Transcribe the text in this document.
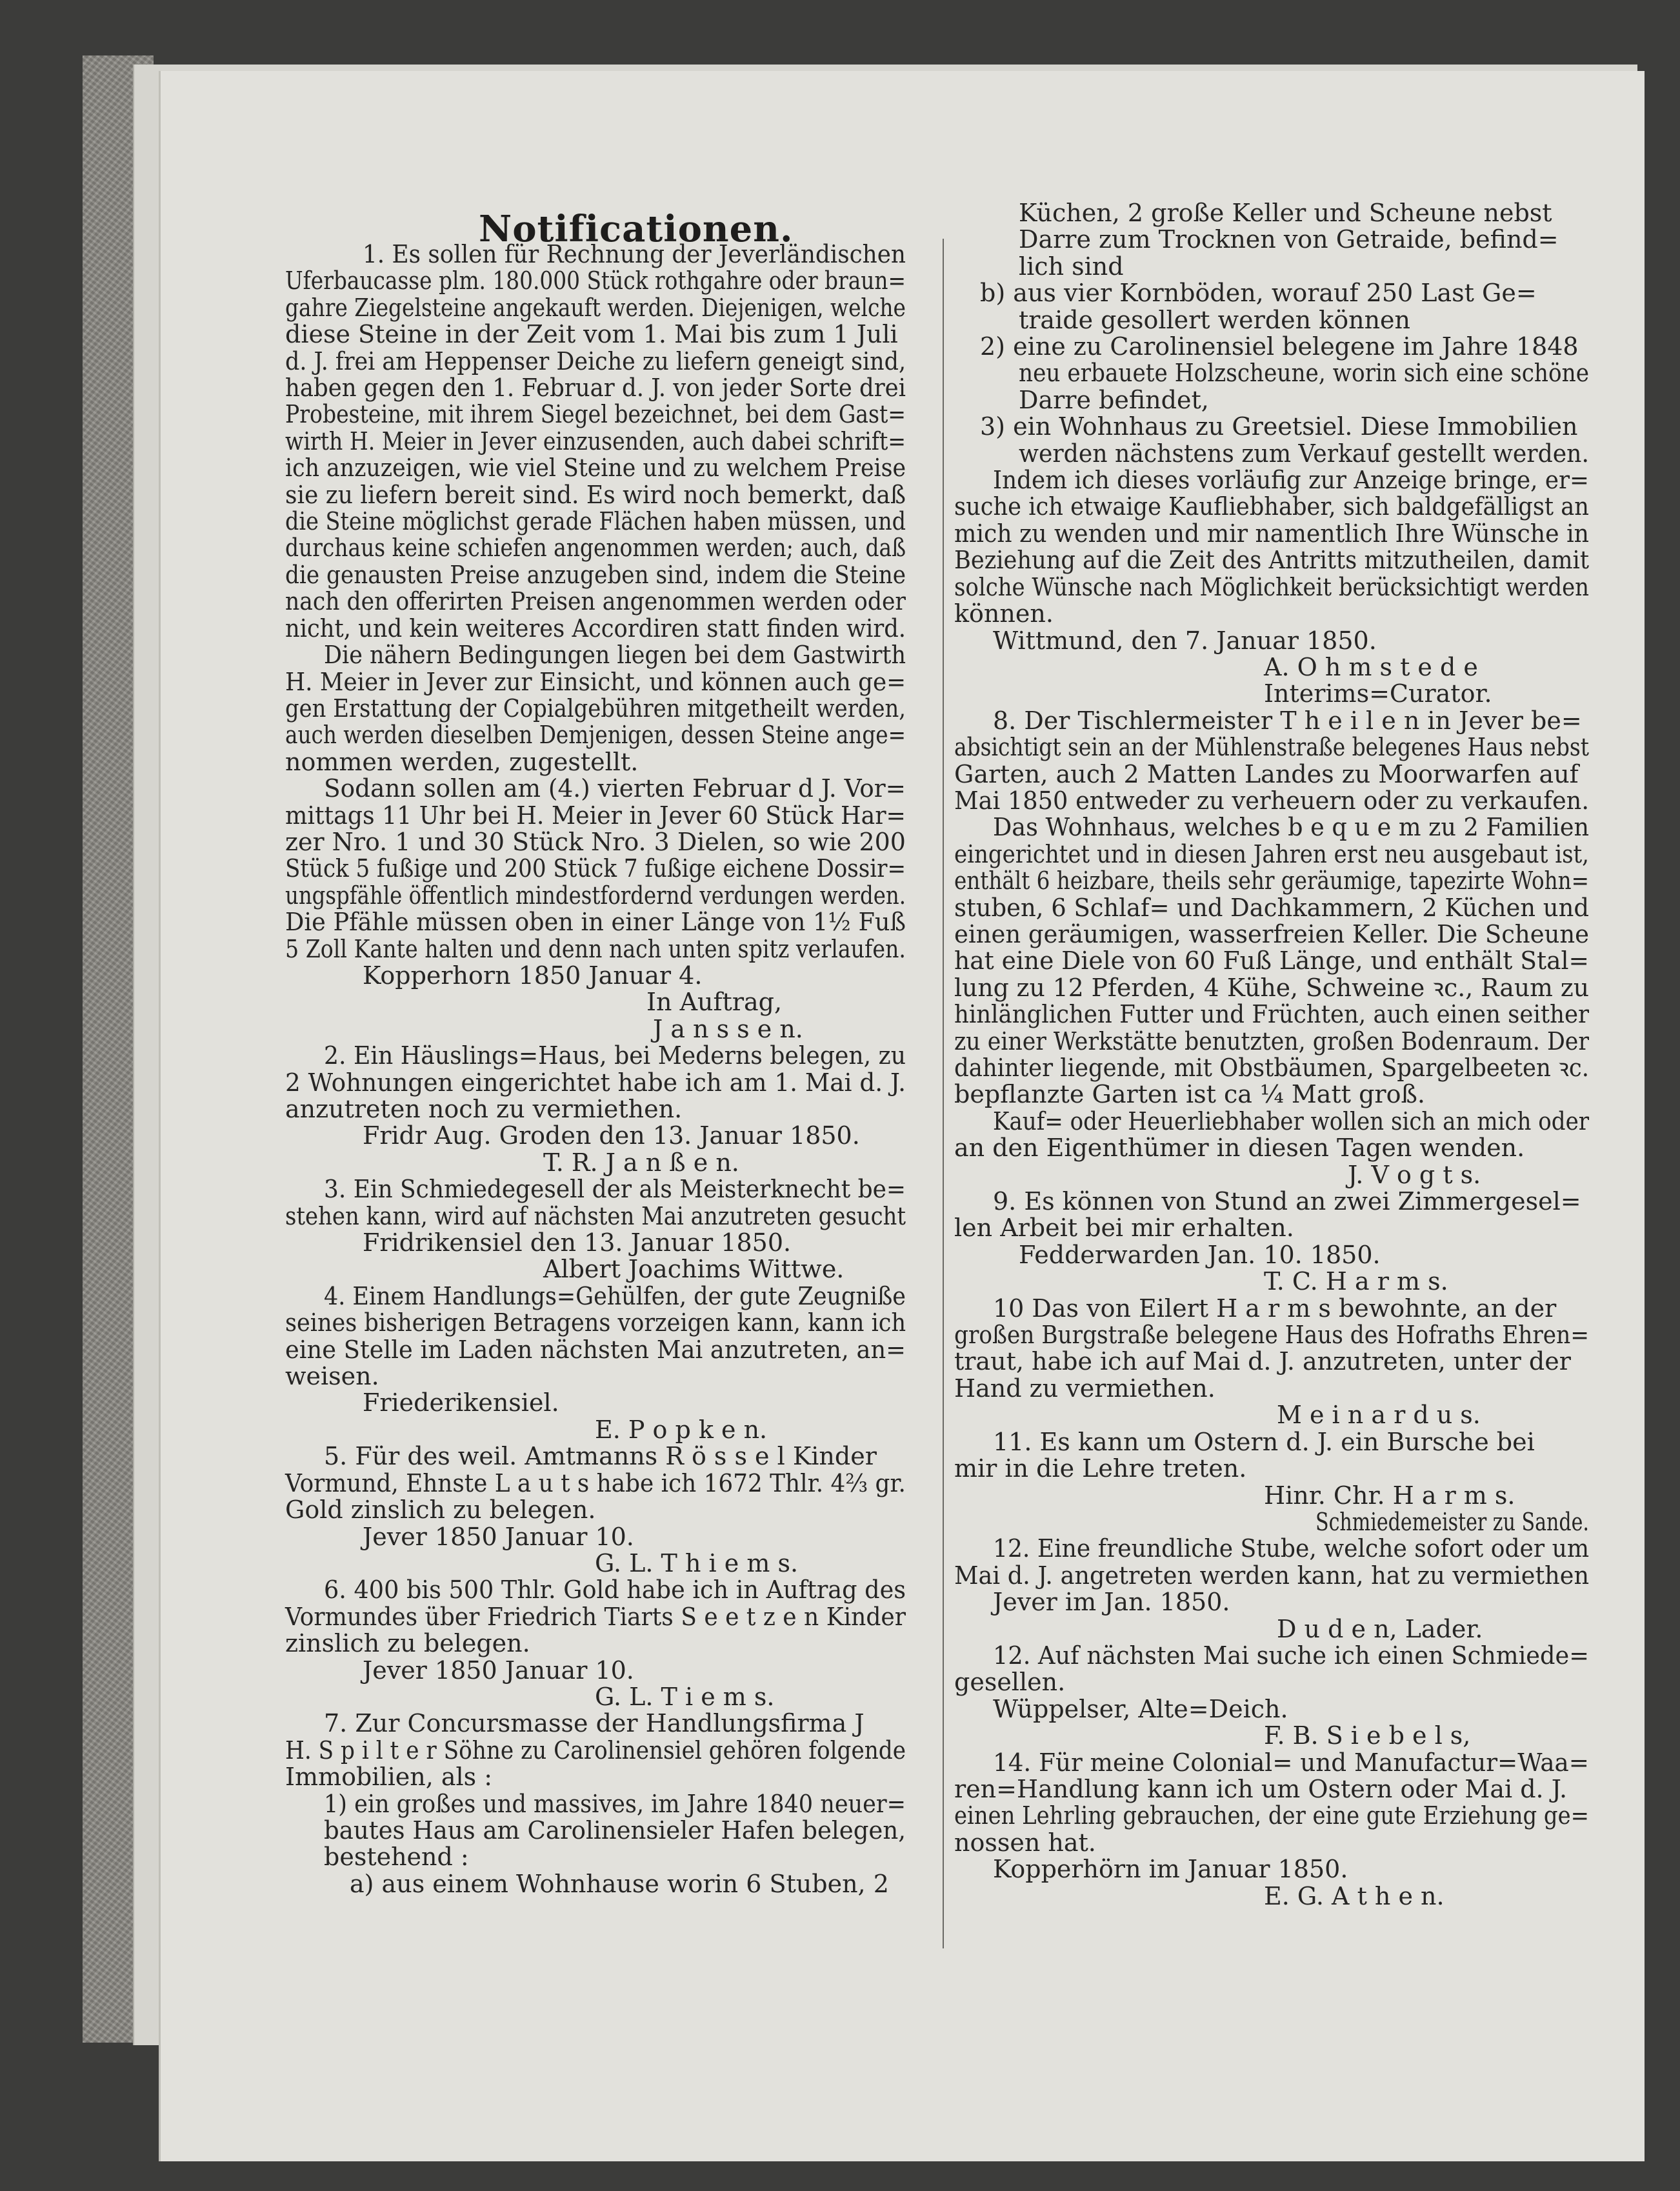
Notificationen.

1. Es sollen für Rechnung der Jeverländischen

Uferbaucasse plm. 180.000 Stück rothgahre oder braun=

gahre Ziegelsteine angekauft werden. Diejenigen, welche

diese Steine in der Zeit vom 1. Mai bis zum 1 Juli

d. J. frei am Heppenser Deiche zu liefern geneigt sind,

haben gegen den 1. Februar d. J. von jeder Sorte drei

Probesteine, mit ihrem Siegel bezeichnet, bei dem Gast=

wirth H. Meier in Jever einzusenden, auch dabei schrift=

ich anzuzeigen, wie viel Steine und zu welchem Preise

sie zu liefern bereit sind. Es wird noch bemerkt, daß

die Steine möglichst gerade Flächen haben müssen, und

durchaus keine schiefen angenommen werden; auch, daß

die genausten Preise anzugeben sind, indem die Steine

nach den offerirten Preisen angenommen werden oder

nicht, und kein weiteres Accordiren statt finden wird.

Die nähern Bedingungen liegen bei dem Gastwirth

H. Meier in Jever zur Einsicht, und können auch ge=

gen Erstattung der Copialgebühren mitgetheilt werden,

auch werden dieselben Demjenigen, dessen Steine ange=

nommen werden, zugestellt.

Sodann sollen am (4.) vierten Februar d J. Vor=

mittags 11 Uhr bei H. Meier in Jever 60 Stück Har=

zer Nro. 1 und 30 Stück Nro. 3 Dielen, so wie 200

Stück 5 fußige und 200 Stück 7 fußige eichene Dossir=

ungspfähle öffentlich mindestfordernd verdungen werden.

Die Pfähle müssen oben in einer Länge von 1½ Fuß

5 Zoll Kante halten und denn nach unten spitz verlaufen.

Kopperhorn 1850 Januar 4.

In Auftrag,

J a n s s e n.

2. Ein Häuslings=Haus, bei Mederns belegen, zu

2 Wohnungen eingerichtet habe ich am 1. Mai d. J.

anzutreten noch zu vermiethen.

Fridr Aug. Groden den 13. Januar 1850.

T. R. J a n ß e n.

3. Ein Schmiedegesell der als Meisterknecht be=

stehen kann, wird auf nächsten Mai anzutreten gesucht

Fridrikensiel den 13. Januar 1850.

Albert Joachims Wittwe.

4. Einem Handlungs=Gehülfen, der gute Zeugniße

seines bisherigen Betragens vorzeigen kann, kann ich

eine Stelle im Laden nächsten Mai anzutreten, an=

weisen.

Friederikensiel.

E. P o p k e n.

5. Für des weil. Amtmanns R ö s s e l Kinder

Vormund, Ehnste L a u t s habe ich 1672 Thlr. 4⅔ gr.

Gold zinslich zu belegen.

Jever 1850 Januar 10.

G. L. T h i e m s.

6. 400 bis 500 Thlr. Gold habe ich in Auftrag des

Vormundes über Friedrich Tiarts S e e t z e n Kinder

zinslich zu belegen.

Jever 1850 Januar 10.

G. L. T i e m s.

7. Zur Concursmasse der Handlungsfirma J

H. S p i l t e r Söhne zu Carolinensiel gehören folgende

Immobilien, als :

1) ein großes und massives, im Jahre 1840 neuer=

bautes Haus am Carolinensieler Hafen belegen,

bestehend :

a) aus einem Wohnhause worin 6 Stuben, 2

Küchen, 2 große Keller und Scheune nebst

Darre zum Trocknen von Getraide, befind=

lich sind

b) aus vier Kornböden, worauf 250 Last Ge=

traide gesollert werden können

2) eine zu Carolinensiel belegene im Jahre 1848

neu erbauete Holzscheune, worin sich eine schöne

Darre befindet,

3) ein Wohnhaus zu Greetsiel. Diese Immobilien

werden nächstens zum Verkauf gestellt werden.

Indem ich dieses vorläufig zur Anzeige bringe, er=

suche ich etwaige Kaufliebhaber, sich baldgefälligst an

mich zu wenden und mir namentlich Ihre Wünsche in

Beziehung auf die Zeit des Antritts mitzutheilen, damit

solche Wünsche nach Möglichkeit berücksichtigt werden

können.

Wittmund, den 7. Januar 1850.

A. O h m s t e d e

Interims=Curator.

8. Der Tischlermeister T h e i l e n in Jever be=

absichtigt sein an der Mühlenstraße belegenes Haus nebst

Garten, auch 2 Matten Landes zu Moorwarfen auf

Mai 1850 entweder zu verheuern oder zu verkaufen.

Das Wohnhaus, welches b e q u e m zu 2 Familien

eingerichtet und in diesen Jahren erst neu ausgebaut ist,

enthält 6 heizbare, theils sehr geräumige, tapezirte Wohn=

stuben, 6 Schlaf= und Dachkammern, 2 Küchen und

einen geräumigen, wasserfreien Keller. Die Scheune

hat eine Diele von 60 Fuß Länge, und enthält Stal=

lung zu 12 Pferden, 4 Kühe, Schweine ꝛc., Raum zu

hinlänglichen Futter und Früchten, auch einen seither

zu einer Werkstätte benutzten, großen Bodenraum. Der

dahinter liegende, mit Obstbäumen, Spargelbeeten ꝛc.

bepflanzte Garten ist ca ¼ Matt groß.

Kauf= oder Heuerliebhaber wollen sich an mich oder

an den Eigenthümer in diesen Tagen wenden.

J. V o g t s.

9. Es können von Stund an zwei Zimmergesel=

len Arbeit bei mir erhalten.

Fedderwarden Jan. 10. 1850.

T. C. H a r m s.

10 Das von Eilert H a r m s bewohnte, an der

großen Burgstraße belegene Haus des Hofraths Ehren=

traut, habe ich auf Mai d. J. anzutreten, unter der

Hand zu vermiethen.

M e i n a r d u s.

11. Es kann um Ostern d. J. ein Bursche bei

mir in die Lehre treten.

Hinr. Chr. H a r m s.

Schmiedemeister zu Sande.

12. Eine freundliche Stube, welche sofort oder um

Mai d. J. angetreten werden kann, hat zu vermiethen

Jever im Jan. 1850.

D u d e n, Lader.

12. Auf nächsten Mai suche ich einen Schmiede=

gesellen.

Wüppelser, Alte=Deich.

F. B. S i e b e l s,

14. Für meine Colonial= und Manufactur=Waa=

ren=Handlung kann ich um Ostern oder Mai d. J.

einen Lehrling gebrauchen, der eine gute Erziehung ge=

nossen hat.

Kopperhörn im Januar 1850.

E. G. A t h e n.
